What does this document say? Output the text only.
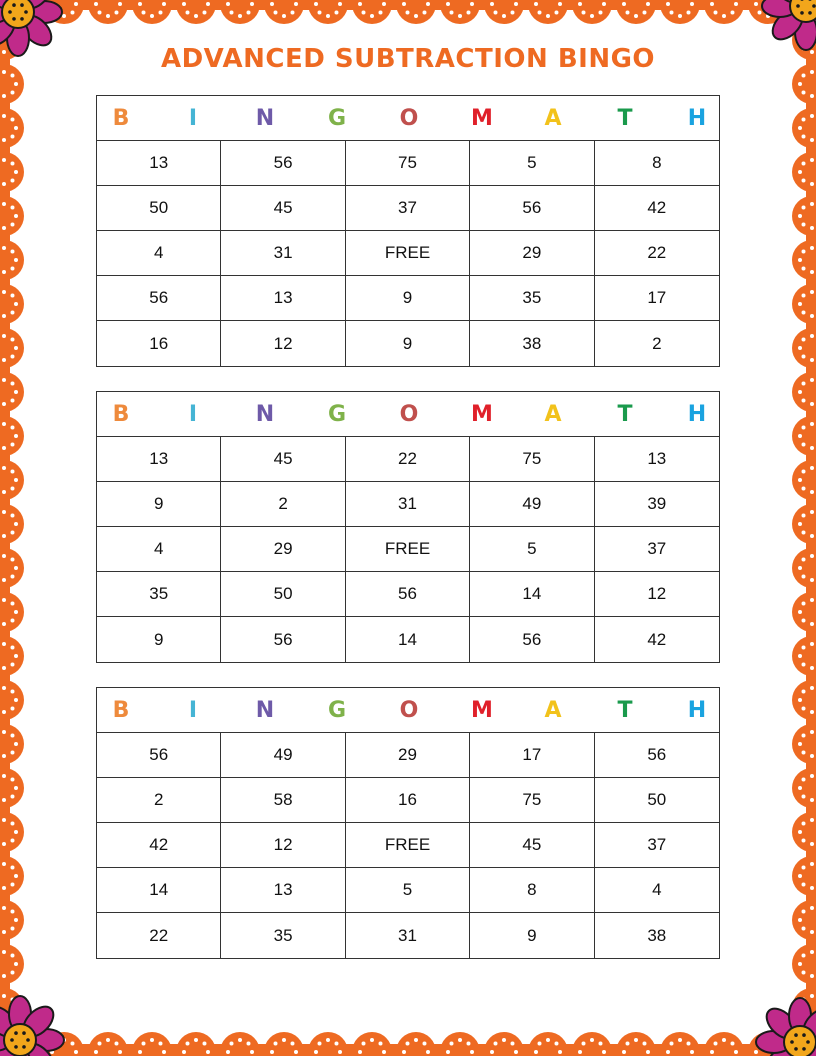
ADVANCED SUBTRACTION BINGO
B	I	N G O M A	T	H
13	56	75	5	8
50	45	37	56	42
4	31	FREE	29	22
56	13	9	35	17
16	12	9	38	2
B	I	N G O M A	T	H
13	45	22	75	13
9	2	31	49	39
4	29	FREE	5	37
35	50	56	14	12
9	56	14	56	42
B	I	N G O M A	T	H
56	49	29	17	56
2	58	16	75	50
42	12	FREE	45	37
14	13	5	8	4
22	35	31	9	38
